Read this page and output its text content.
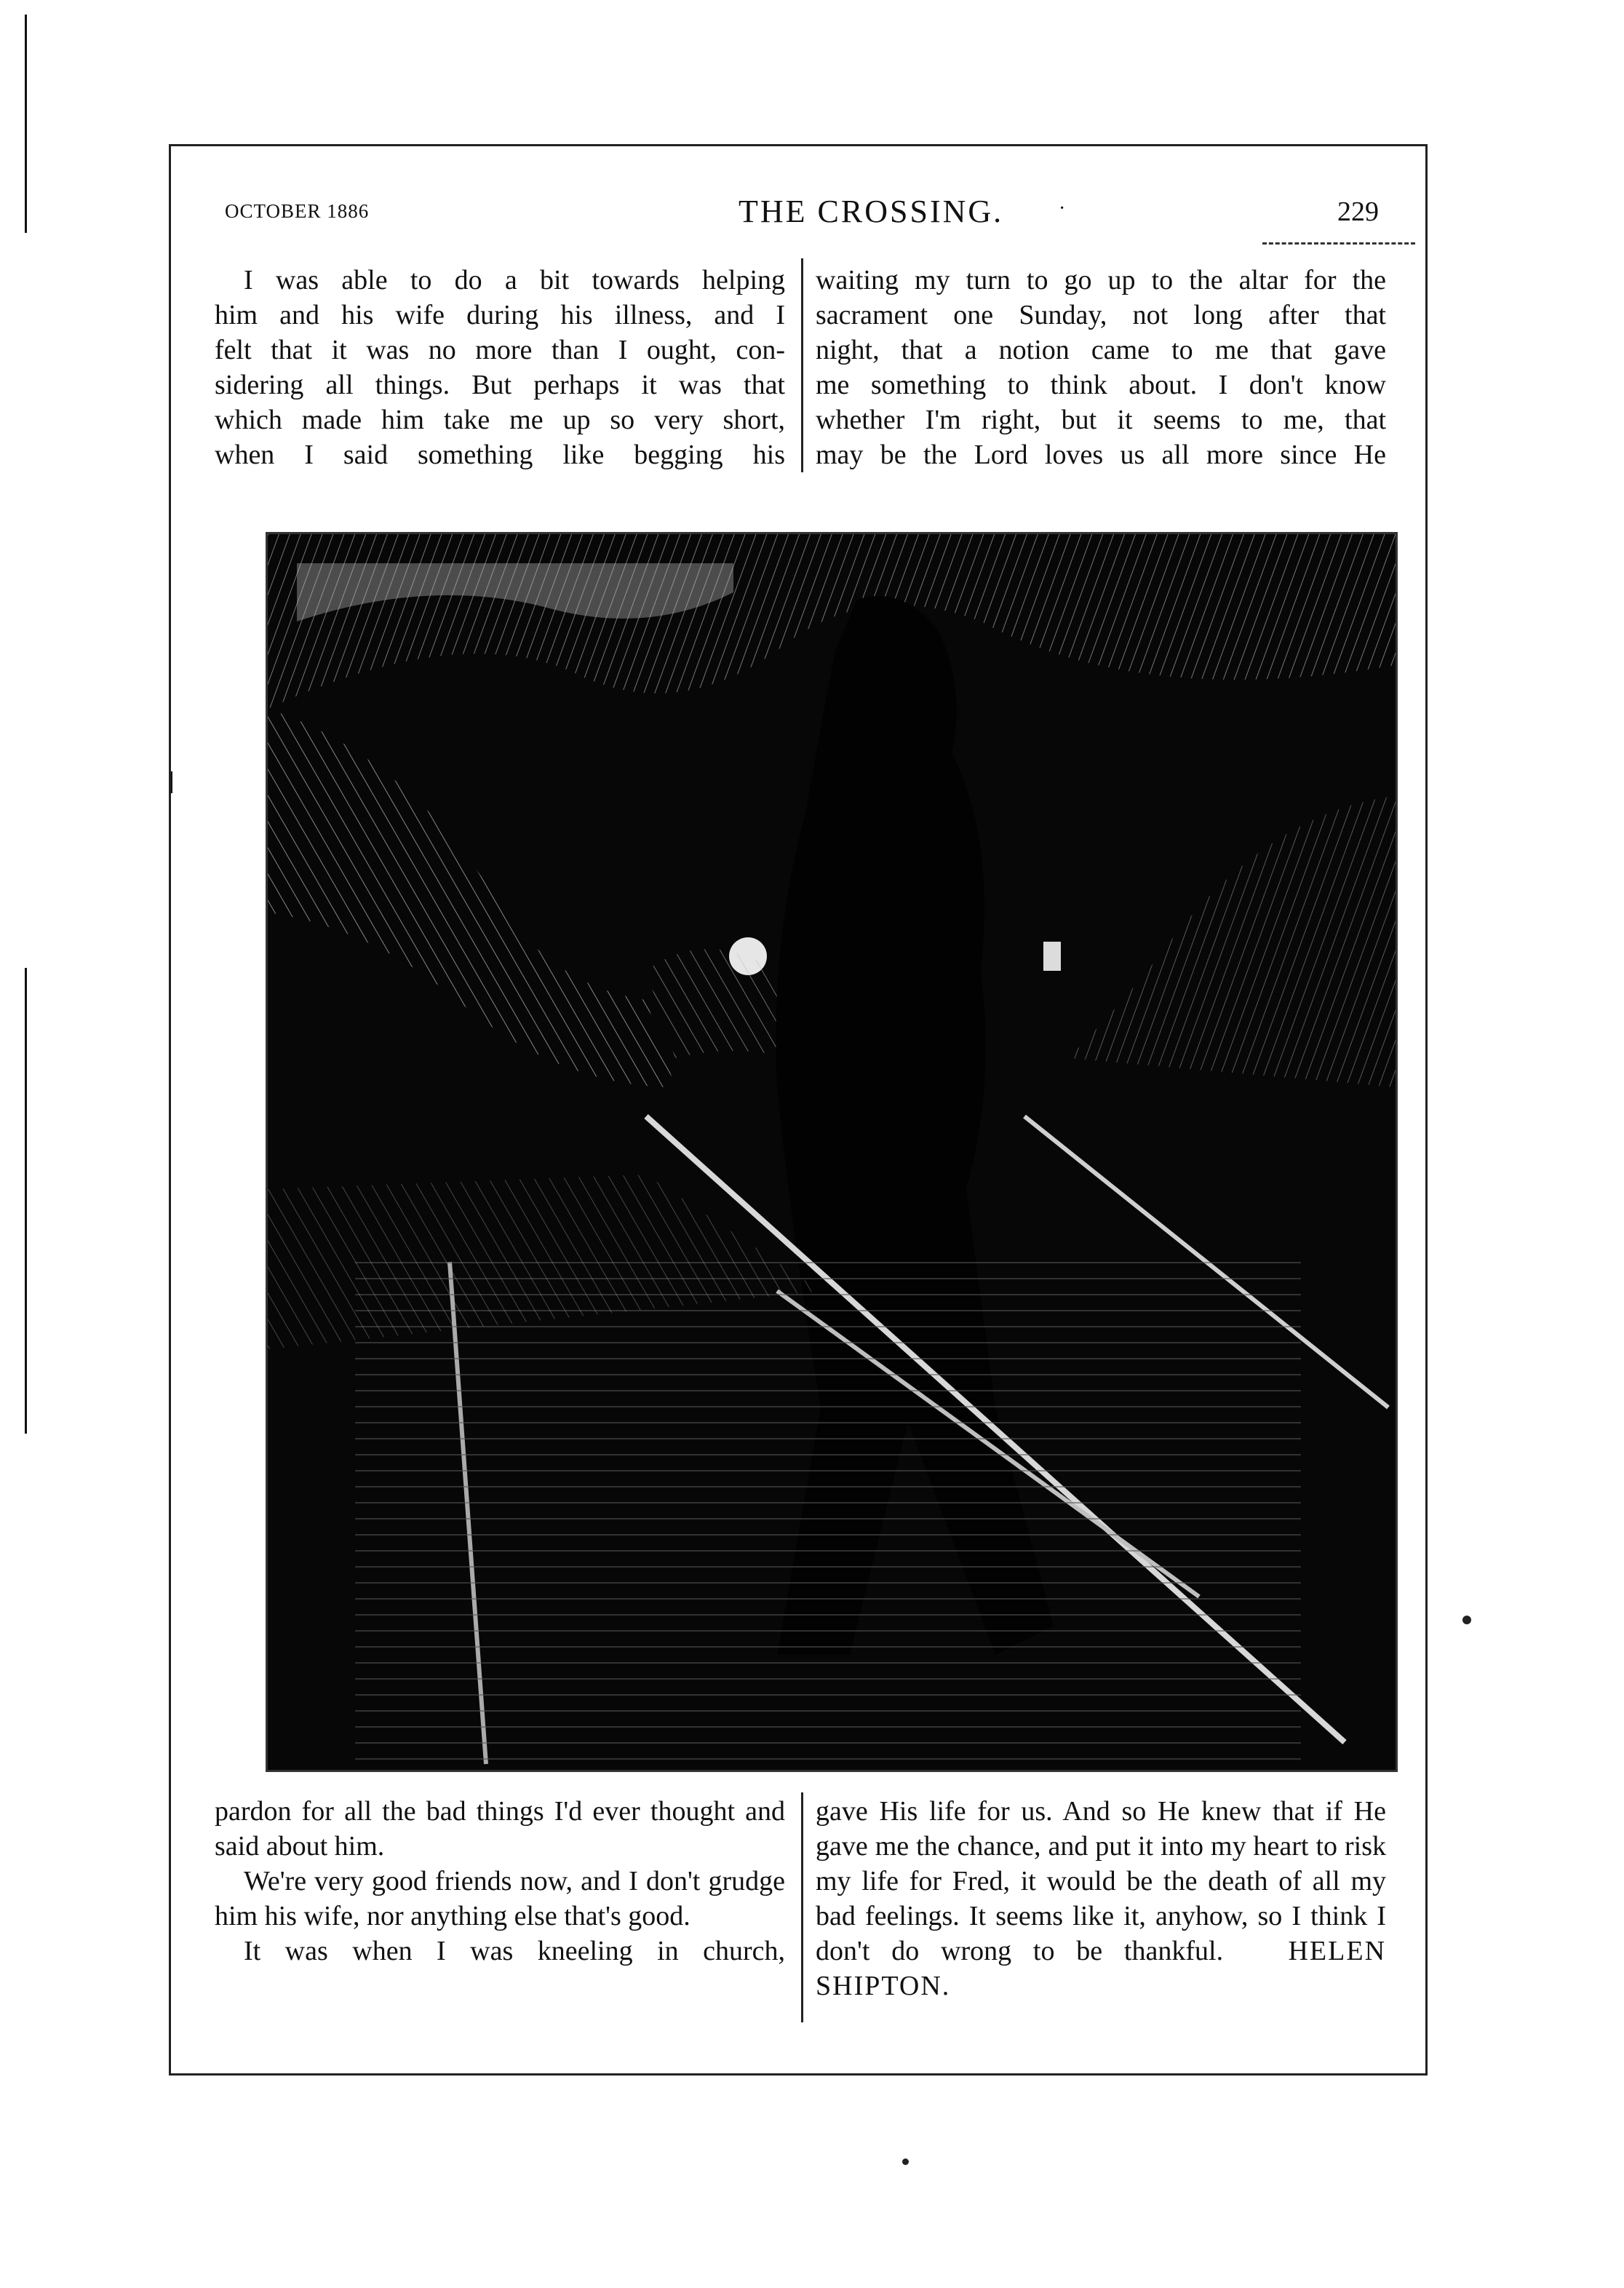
OCTOBER 1886	THE CROSSING.	·	229
I was able to do a bit towards helping
him and his wife during his illness, and I
felt that it was no more than I ought, con-
sidering all things. But perhaps it was that
which made him take me up so very short,
when I said something like begging his
waiting my turn to go up to the altar for the
sacrament one Sunday, not long after that
night, that a notion came to me that gave
me something to think about. I don't know
whether I'm right, but it seems to me, that
may be the Lord loves us all more since He

pardon for all the bad things I'd ever thought and said about him.

We're very good friends now, and I don't grudge him his wife, nor anything else that's good.

It was when I was kneeling in church,

gave His life for us. And so He knew that if He gave me the chance, and put it into my heart to risk my life for Fred, it would be the death of all my bad feelings. It seems like it, anyhow, so I think I don't do wrong to be thankful. HELEN SHIPTON.
